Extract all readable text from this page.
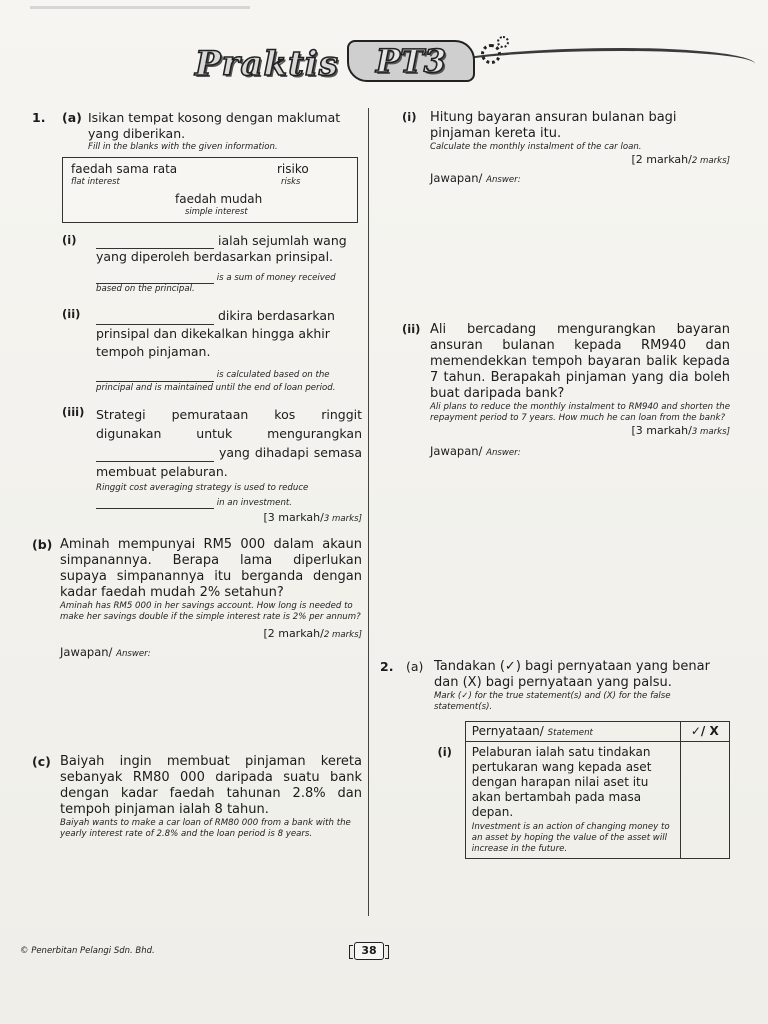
Praktis	PT3
1.	(a) Isikan tempat kosong dengan maklumat yang diberikan.
Fill in the blanks with the given information.
faedah sama rata
flat interest
risiko
risks
faedah mudah
simple interest
(i)	ialah sejumlah wang yang diperoleh berdasarkan prinsipal.
is a sum of money received based on the principal.
(ii)	dikira berdasarkan prinsipal dan dikekalkan hingga akhir tempoh pinjaman.
is calculated based on the principal and is maintained until the end of loan period.
(iii) Strategi pemurataan kos ringgit digunakan untuk mengurangkan  yang dihadapi semasa membuat pelaburan.
Ringgit cost averaging strategy is used to reduce
in an investment.
[3 markah/3 marks]
(b) Aminah mempunyai RM5 000 dalam akaun simpanannya. Berapa lama diperlukan supaya simpanannya itu berganda dengan kadar faedah mudah 2% setahun?
Aminah has RM5 000 in her savings account. How long is needed to make her savings double if the simple interest rate is 2% per annum?
[2 markah/2 marks]
Jawapan/ Answer:
(c) Baiyah ingin membuat pinjaman kereta sebanyak RM80 000 daripada suatu bank dengan kadar faedah tahunan 2.8% dan tempoh pinjaman ialah 8 tahun.
Baiyah wants to make a car loan of RM80 000 from a bank with the yearly interest rate of 2.8% and the loan period is 8 years.
(i)	Hitung bayaran ansuran bulanan bagi pinjaman kereta itu.
Calculate the monthly instalment of the car loan.
[2 markah/2 marks]
Jawapan/ Answer:
(ii) Ali bercadang mengurangkan bayaran ansuran bulanan kepada RM940 dan memendekkan tempoh bayaran balik kepada 7 tahun. Berapakah pinjaman yang dia boleh buat daripada bank?
Ali plans to reduce the monthly instalment to RM940 and shorten the repayment period to 7 years. How much he can loan from the bank?
[3 markah/3 marks]
Jawapan/ Answer:
2.	(a) Tandakan (✓) bagi pernyataan yang benar dan (X) bagi pernyataan yang palsu.
Mark (✓) for the true statement(s) and (X) for the false statement(s).
	Pernyataan/ Statement	✓/ X
(i)	Pelaburan ialah satu tindakan pertukaran wang kepada aset dengan harapan nilai aset itu akan bertambah pada masa depan.
Investment is an action of changing money to an asset by hoping the value of the asset will increase in the future.	

© Penerbitan Pelangi Sdn. Bhd.	38
